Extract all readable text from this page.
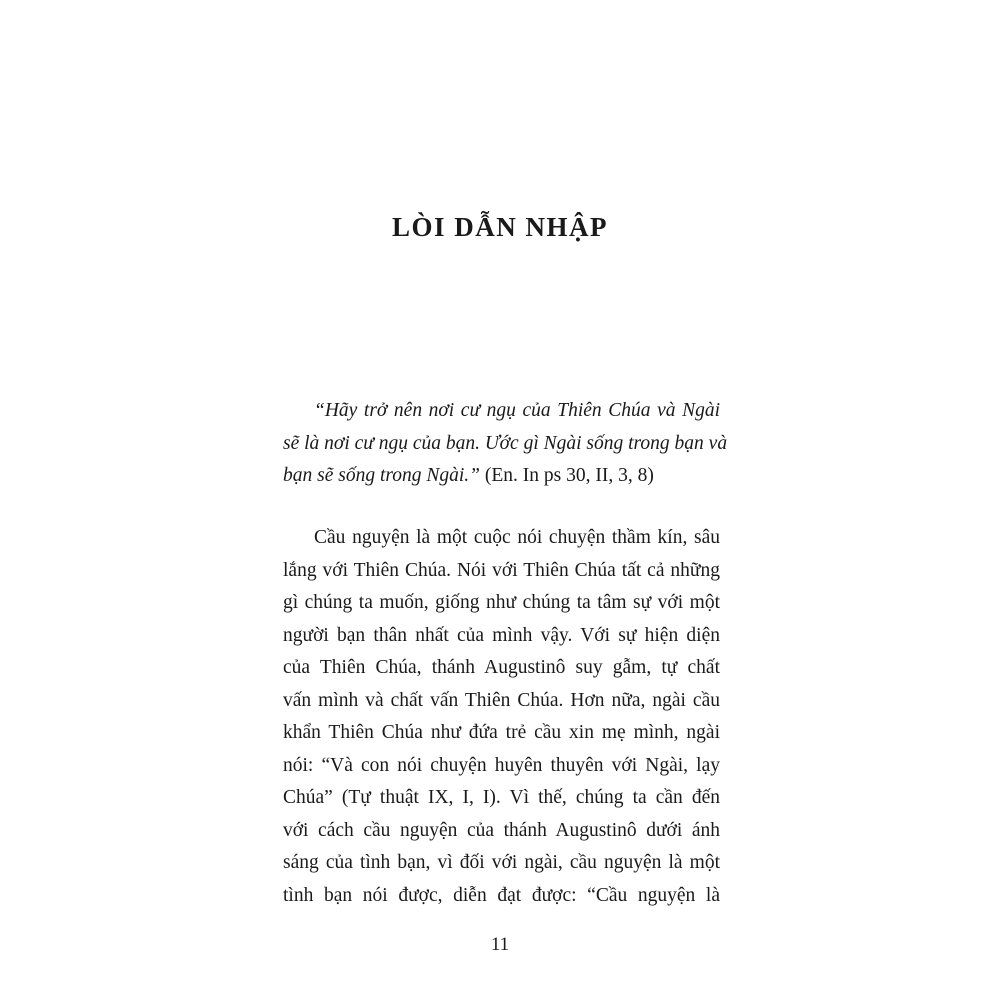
LÒI DẪN NHẬP
“Hãy trở nên nơi cư ngụ của Thiên Chúa và Ngài
sẽ là nơi cư ngụ của bạn. Ước gì Ngài sống trong bạn và
bạn sẽ sống trong Ngài.” (En. In ps 30, II, 3, 8)
Cầu nguyện là một cuộc nói chuyện thầm kín, sâu
lắng với Thiên Chúa. Nói với Thiên Chúa tất cả những
gì chúng ta muốn, giống như chúng ta tâm sự với một
người bạn thân nhất của mình vậy. Với sự hiện diện
của Thiên Chúa, thánh Augustinô suy gẫm, tự chất
vấn mình và chất vấn Thiên Chúa. Hơn nữa, ngài cầu
khẩn Thiên Chúa như đứa trẻ cầu xin mẹ mình, ngài
nói: “Và con nói chuyện huyên thuyên với Ngài, lạy
Chúa” (Tự thuật IX, I, I). Vì thế, chúng ta cần đến
với cách cầu nguyện của thánh Augustinô dưới ánh
sáng của tình bạn, vì đối với ngài, cầu nguyện là một
tình bạn nói được, diễn đạt được: “Cầu nguyện là
11
